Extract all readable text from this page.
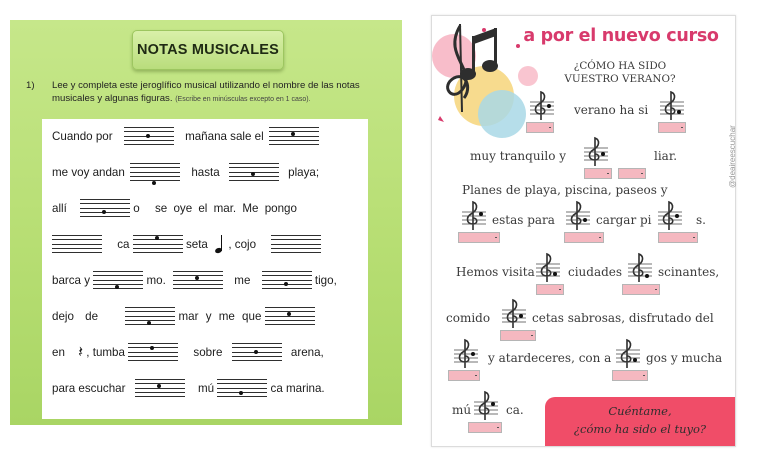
NOTAS MUSICALES
1) Lee y completa este jeroglífico musical utilizando el nombre de las notas musicales y algunas figuras. (Escribe en minúsculas excepto en 1 caso).
Cuando por	mañana sale el
me voy andan	hasta	playa;
allí	o se oye el mar. Me pongo
ca	seta , cojo
barca y	mo.	me	tigo,
dejo de	mar y me que
en 𝄽 , tumba	sobre	arena,
para escuchar	mú	ca marina.
a por el nuevo curso
¿CÓMO HA SIDO
VUESTRO VERANO?
@deaireescuchar
verano ha si
muy tranquilo y	liar.
Planes de playa, piscina, paseos y
estas para	cargar pi	s.
Hemos visita	ciudades	scinantes,
comido	cetas sabrosas, disfrutado del
y atardeceres, con a	gos y mucha
mú	ca.	Cuéntame,
¿cómo ha sido el tuyo?
